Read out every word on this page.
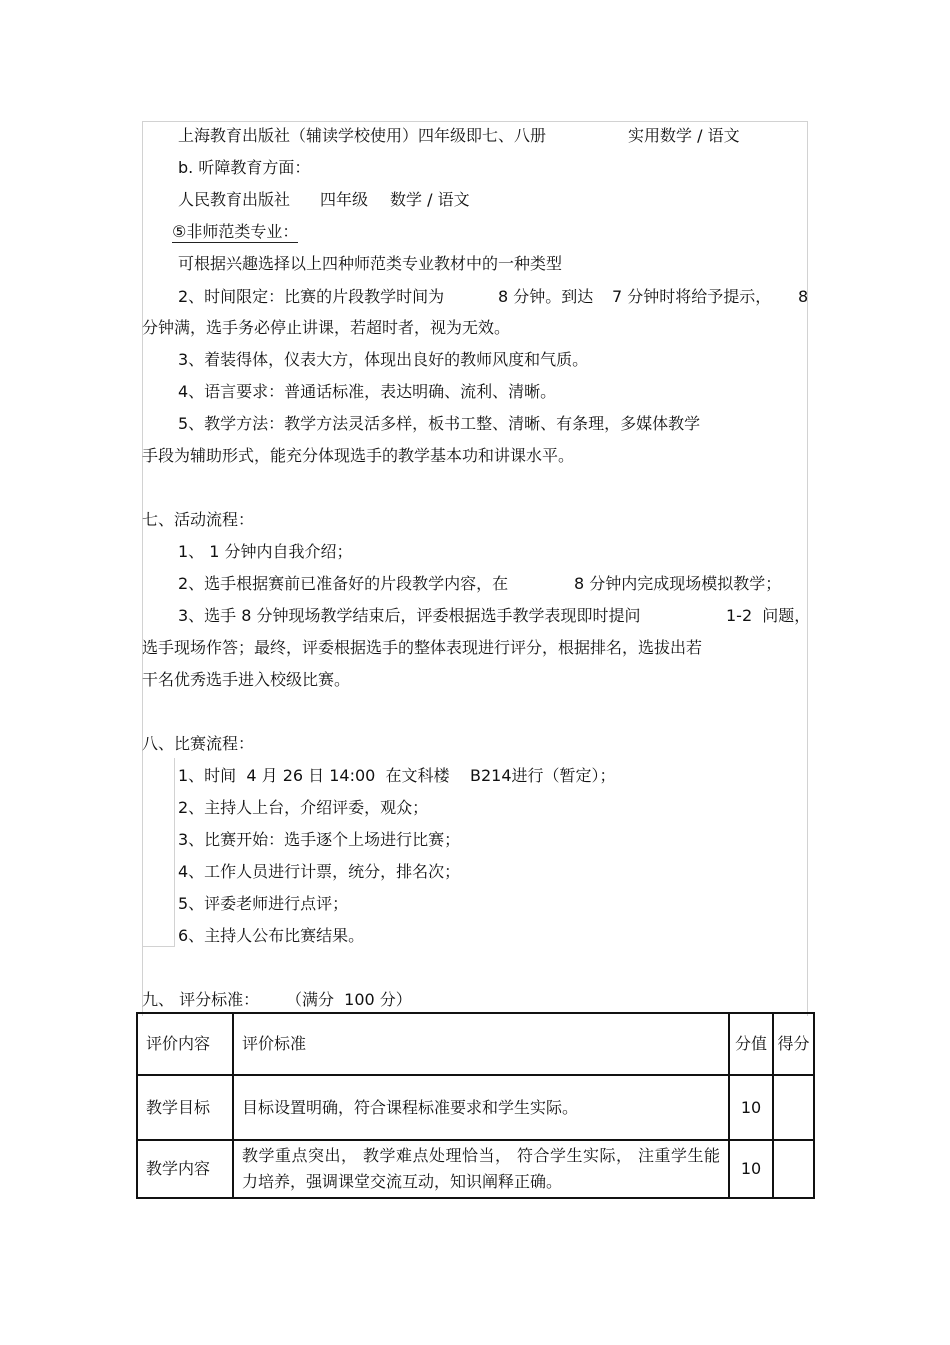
上海教育出版社（辅读学校使用）四年级即七、八册	实用数学 / 语文
b. 听障教育方面：
人民教育出版社 四年级 数学 / 语文
⑤非师范类专业：
可根据兴趣选择以上四种师范类专业教材中的一种类型
2、时间限定：比赛的片段教学时间为	8 分钟。到达 7 分钟时将给予提示， 8
分钟满，选手务必停止讲课，若超时者，视为无效。
3、着装得体，仪表大方，体现出良好的教师风度和气质。
4、语言要求：普通话标准，表达明确、流利、清晰。
5、教学方法：教学方法灵活多样，板书工整、清晰、有条理，多媒体教学
手段为辅助形式，能充分体现选手的教学基本功和讲课水平。
七、活动流程：
1、 1 分钟内自我介绍；
2、选手根据赛前已准备好的片段教学内容，在	8 分钟内完成现场模拟教学；
3、选手 8 分钟现场教学结束后，评委根据选手教学表现即时提问	1-2  问题，
选手现场作答；最终，评委根据选手的整体表现进行评分，根据排名，选拔出若
干名优秀选手进入校级比赛。
八、比赛流程：
1、时间  4 月 26 日 14:00  在文科楼 B214进行（暂定）；
2、主持人上台，介绍评委，观众；
3、比赛开始：选手逐个上场进行比赛；
4、工作人员进行计票，统分，排名次；
5、评委老师进行点评；
6、主持人公布比赛结果。
九、 评分标准： （满分  100 分）
评价内容	评价标准	分值	得分
教学目标	目标设置明确，符合课程标准要求和学生实际。	10	
教学内容	教学重点突出， 教学难点处理恰当， 符合学生实际， 注重学生能力培养，强调课堂交流互动，知识阐释正确。	10	
